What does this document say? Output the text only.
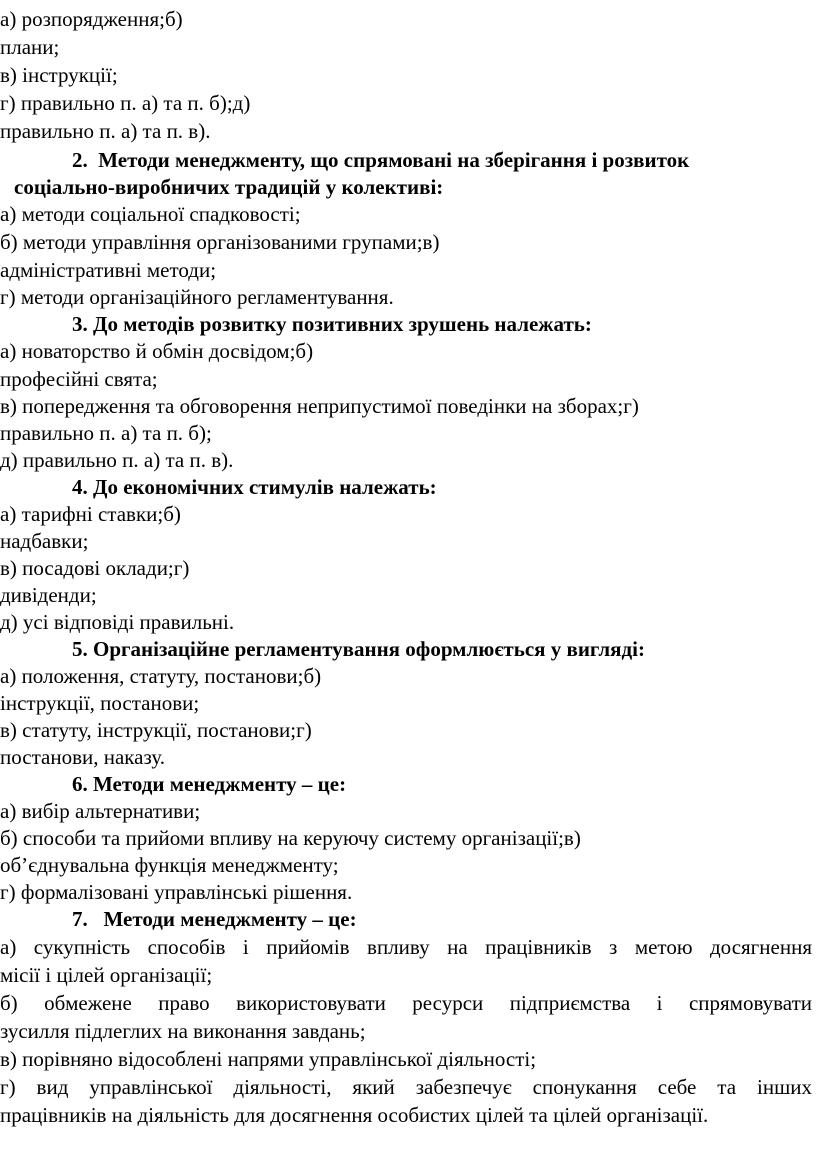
а) розпорядження;б)
плани;
в) інструкції;
г) правильно п. а) та п. б);д)
правильно п. а) та п. в).
2. Методи менеджменту, що спрямовані на зберігання і розвиток
соціально-виробничих традицій у колективі:
а) методи соціальної спадковості;
б) методи управління організованими групами;в)
адміністративні методи;
г) методи організаційного регламентування.
3. До методів розвитку позитивних зрушень належать:
а) новаторство й обмін досвідом;б)
професійні свята;
в) попередження та обговорення неприпустимої поведінки на зборах;г)
правильно п. а) та п. б);
д) правильно п. а) та п. в).
4. До економічних стимулів належать:
а) тарифні ставки;б)
надбавки;
в) посадові оклади;г)
дивіденди;
д) усі відповіді правильні.
5. Організаційне регламентування оформлюється у вигляді:
а) положення, статуту, постанови;б)
інструкції, постанови;
в) статуту, інструкції, постанови;г)
постанови, наказу.
6. Методи менеджменту – це:
а) вибір альтернативи;
б) способи та прийоми впливу на керуючу систему організації;в)
об’єднувальна функція менеджменту;
г) формалізовані управлінські рішення.
7. Методи менеджменту – це:
а) сукупність способів і прийомів впливу на працівників з метою досягнення
місії і цілей організації;
б) обмежене право використовувати ресурси підприємства і спрямовувати
зусилля підлеглих на виконання завдань;
в) порівняно відособлені напрями управлінської діяльності;
г) вид управлінської діяльності, який забезпечує спонукання себе та інших
працівників на діяльність для досягнення особистих цілей та цілей організації.
